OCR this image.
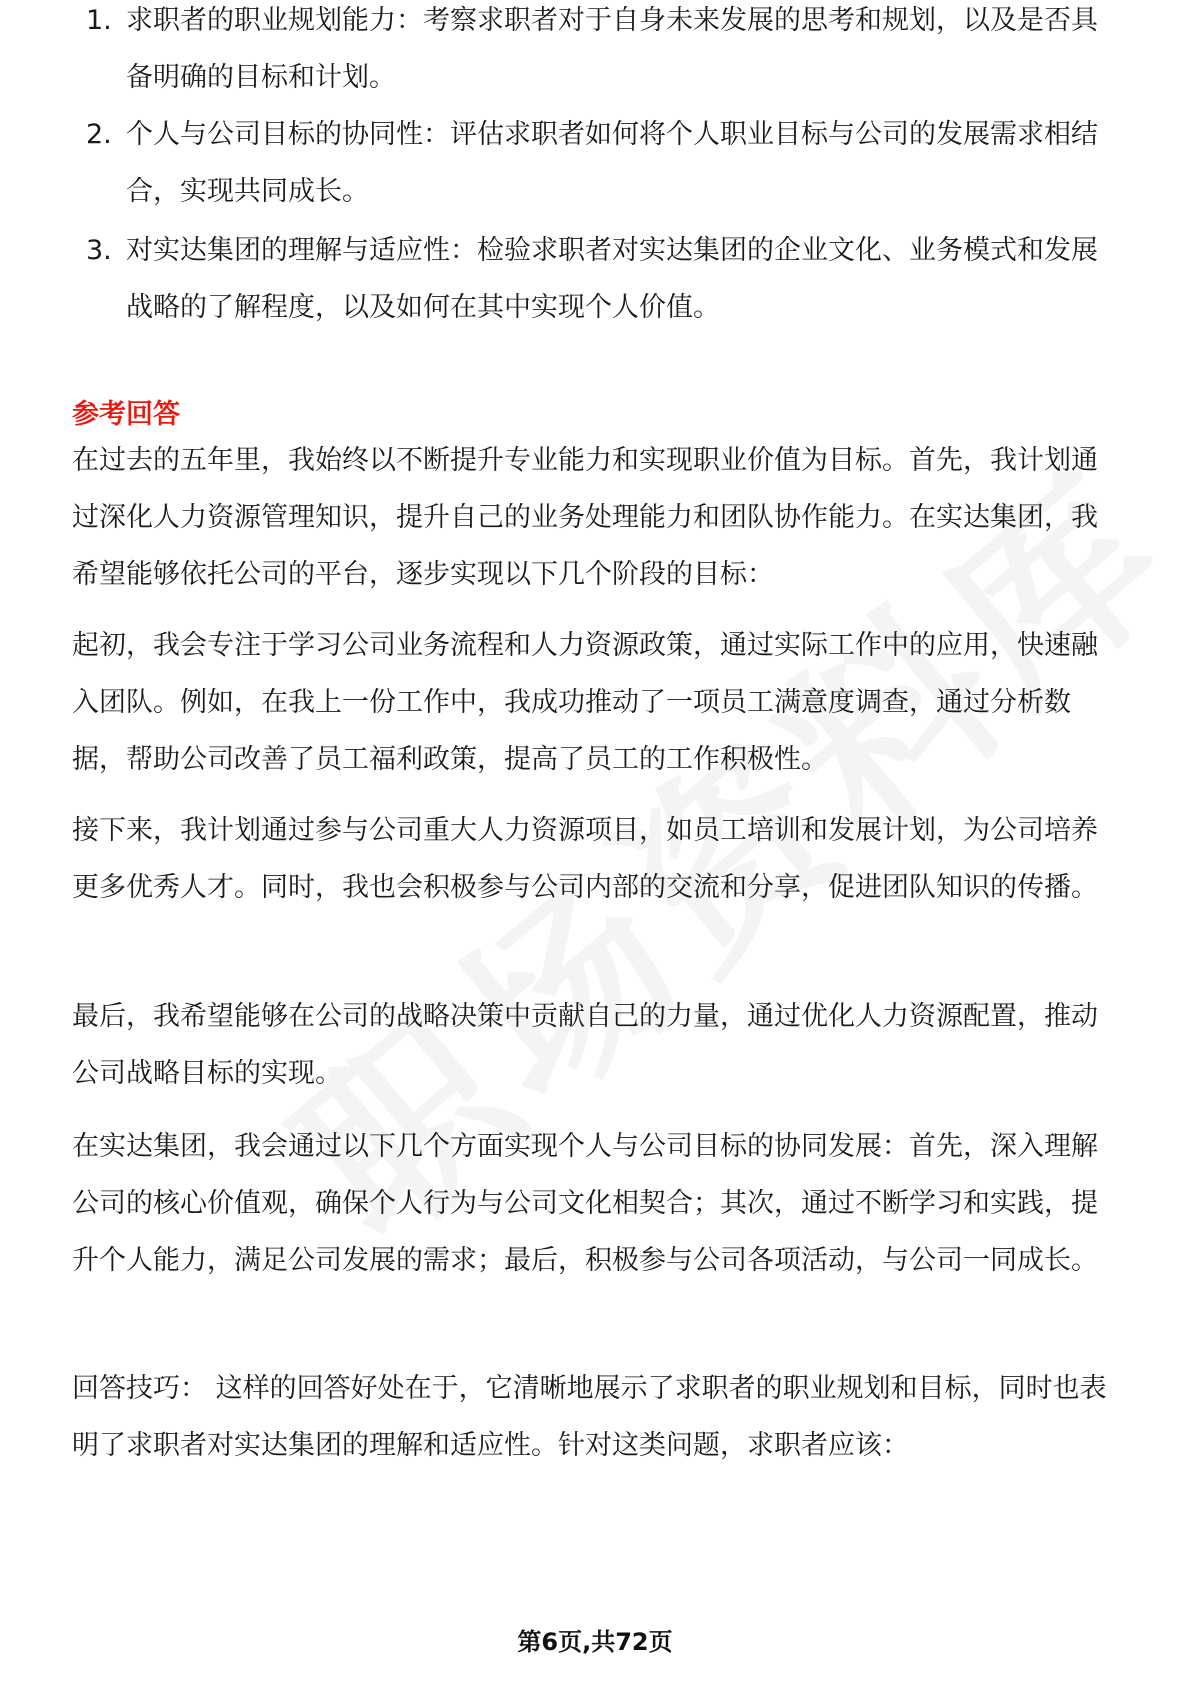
1. 求职者的职业规划能力：考察求职者对于自身未来发展的思考和规划，以及是否具备明确的目标和计划。
2. 个人与公司目标的协同性：评估求职者如何将个人职业目标与公司的发展需求相结合，实现共同成长。
3. 对实达集团的理解与适应性：检验求职者对实达集团的企业文化、业务模式和发展战略的了解程度，以及如何在其中实现个人价值。
参考回答

在过去的五年里，我始终以不断提升专业能力和实现职业价值为目标。首先，我计划通过深化人力资源管理知识，提升自己的业务处理能力和团队协作能力。在实达集团，我希望能够依托公司的平台，逐步实现以下几个阶段的目标：

起初，我会专注于学习公司业务流程和人力资源政策，通过实际工作中的应用，快速融入团队。例如，在我上一份工作中，我成功推动了一项员工满意度调查，通过分析数据，帮助公司改善了员工福利政策，提高了员工的工作积极性。

接下来，我计划通过参与公司重大人力资源项目，如员工培训和发展计划，为公司培养更多优秀人才。同时，我也会积极参与公司内部的交流和分享，促进团队知识的传播。

最后，我希望能够在公司的战略决策中贡献自己的力量，通过优化人力资源配置，推动公司战略目标的实现。

在实达集团，我会通过以下几个方面实现个人与公司目标的协同发展：首先，深入理解公司的核心价值观，确保个人行为与公司文化相契合；其次，通过不断学习和实践，提升个人能力，满足公司发展的需求；最后，积极参与公司各项活动，与公司一同成长。

回答技巧： 这样的回答好处在于，它清晰地展示了求职者的职业规划和目标，同时也表明了求职者对实达集团的理解和适应性。针对这类问题，求职者应该：

第6页,共72页
